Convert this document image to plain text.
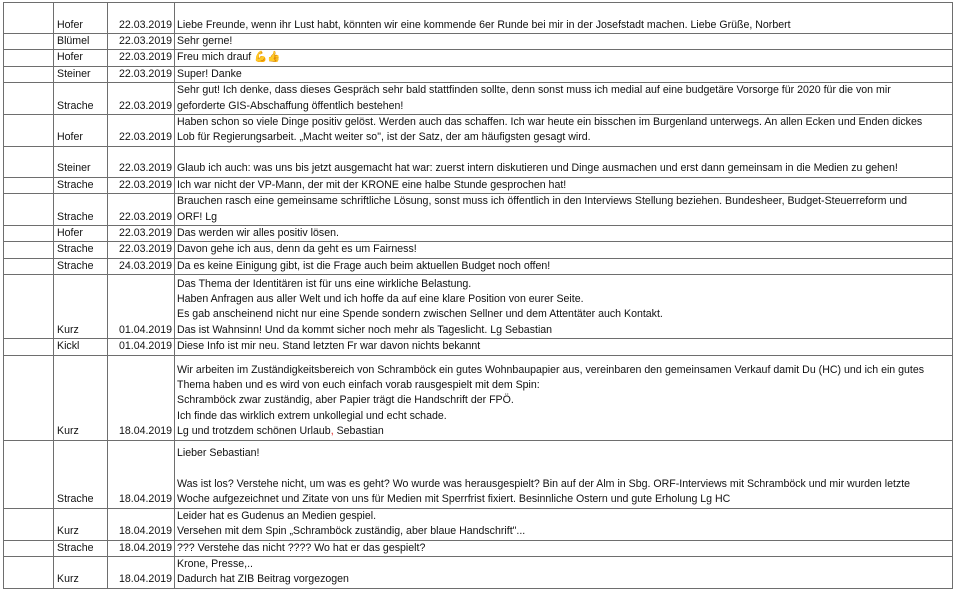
	Hofer	22.03.2019	Liebe Freunde, wenn ihr Lust habt, könnten wir eine kommende 6er Runde bei mir in der Josefstadt machen. Liebe Grüße, Norbert

	Blümel	22.03.2019	Sehr gerne!

	Hofer	22.03.2019	Freu mich drauf 💪👍

	Steiner	22.03.2019	Super! Danke

	Strache	22.03.2019	Sehr gut! Ich denke, dass dieses Gespräch sehr bald stattfinden sollte, denn sonst muss ich medial auf eine budgetäre Vorsorge für 2020 für die von mir
geforderte GIS-Abschaffung öffentlich bestehen!

	Hofer	22.03.2019	Haben schon so viele Dinge positiv gelöst. Werden auch das schaffen. Ich war heute ein bisschen im Burgenland unterwegs. An allen Ecken und Enden dickes
Lob für Regierungsarbeit. „Macht weiter so", ist der Satz, der am häufigsten gesagt wird.

	Steiner	22.03.2019	Glaub ich auch: was uns bis jetzt ausgemacht hat war: zuerst intern diskutieren und Dinge ausmachen und erst dann gemeinsam in die Medien zu gehen!

	Strache	22.03.2019	Ich war nicht der VP-Mann, der mit der KRONE eine halbe Stunde gesprochen hat!

	Strache	22.03.2019	Brauchen rasch eine gemeinsame schriftliche Lösung, sonst muss ich öffentlich in den Interviews Stellung beziehen. Bundesheer, Budget-Steuerreform und
ORF! Lg

	Hofer	22.03.2019	Das werden wir alles positiv lösen.

	Strache	22.03.2019	Davon gehe ich aus, denn da geht es um Fairness!

	Strache	24.03.2019	Da es keine Einigung gibt, ist die Frage auch beim aktuellen Budget noch offen!

	Kurz	01.04.2019	Das Thema der Identitären ist für uns eine wirkliche Belastung.
Haben Anfragen aus aller Welt und ich hoffe da auf eine klare Position von eurer Seite.
Es gab anscheinend nicht nur eine Spende sondern zwischen Sellner und dem Attentäter auch Kontakt.
Das ist Wahnsinn! Und da kommt sicher noch mehr als Tageslicht. Lg Sebastian

	Kickl	01.04.2019	Diese Info ist mir neu. Stand letzten Fr war davon nichts bekannt

	Kurz	18.04.2019	Wir arbeiten im Zuständigkeitsbereich von Schramböck ein gutes Wohnbaupapier aus, vereinbaren den gemeinsamen Verkauf damit Du (HC) und ich ein gutes
Thema haben und es wird von euch einfach vorab rausgespielt mit dem Spin:
Schramböck zwar zuständig, aber Papier trägt die Handschrift der FPÖ.
Ich finde das wirklich extrem unkollegial und echt schade.
Lg und trotzdem schönen Urlaub, Sebastian

	Strache	18.04.2019	Lieber Sebastian!

Was ist los? Verstehe nicht, um was es geht? Wo wurde was herausgespielt? Bin auf der Alm in Sbg. ORF-Interviews mit Schramböck und mir wurden letzte
Woche aufgezeichnet und Zitate von uns für Medien mit Sperrfrist fixiert. Besinnliche Ostern und gute Erholung Lg HC

	Kurz	18.04.2019	Leider hat es Gudenus an Medien gespiel.
Versehen mit dem Spin „Schramböck zuständig, aber blaue Handschrift"...

	Strache	18.04.2019	??? Verstehe das nicht ???? Wo hat er das gespielt?

	Kurz	18.04.2019	Krone, Presse,..
Dadurch hat ZIB Beitrag vorgezogen
